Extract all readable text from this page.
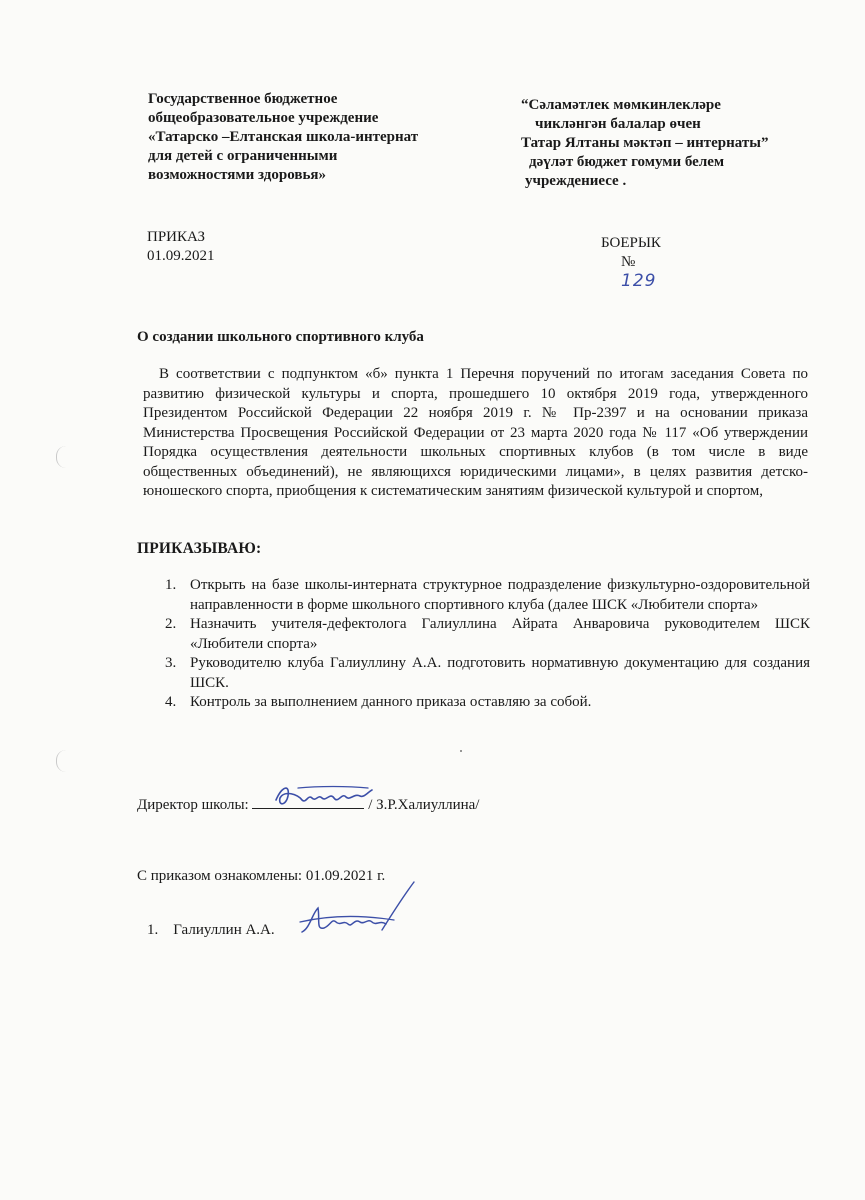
Государственное бюджетное
общеобразовательное учреждение
«Татарско –Елтанская школа-интернат
для детей с ограниченными
возможностями здоровья»
“Сәламәтлек мөмкинлекләре
чикләнгән балалар өчен
Татар Ялтаны мәктәп – интернаты”
дәүләт бюджет гомуми белем
учреждениесе .
ПРИКАЗ
01.09.2021
БОЕРЫК
№
129
О создании школьного спортивного клуба
В соответствии с подпунктом «б» пункта 1 Перечня поручений по итогам заседания Совета по развитию физической культуры и спорта, прошедшего 10 октября 2019 года, утвержденного Президентом Российской Федерации 22 ноября 2019 г. № Пр-2397 и на основании приказа Министерства Просвещения Российской Федерации от 23 марта 2020 года № 117 «Об утверждении Порядка осуществления деятельности школьных спортивных клубов (в том числе в виде общественных объединений), не являющихся юридическими лицами», в целях развития детско-юношеского спорта, приобщения к систематическим занятиям физической культурой и спортом,
ПРИКАЗЫВАЮ:
1. Открыть на базе школы-интерната структурное подразделение физкультурно-оздоровительной направленности в форме школьного спортивного клуба (далее ШСК «Любители спорта»
2. Назначить учителя-дефектолога Галиуллина Айрата Анваровича руководителем ШСК «Любители спорта»
3. Руководителю клуба Галиуллину А.А. подготовить нормативную документацию для создания ШСК.
4. Контроль за выполнением данного приказа оставляю за собой.
Директор школы:	/ З.Р.Халиуллина/
С приказом ознакомлены: 01.09.2021 г.
1. Галиуллин А.А.
